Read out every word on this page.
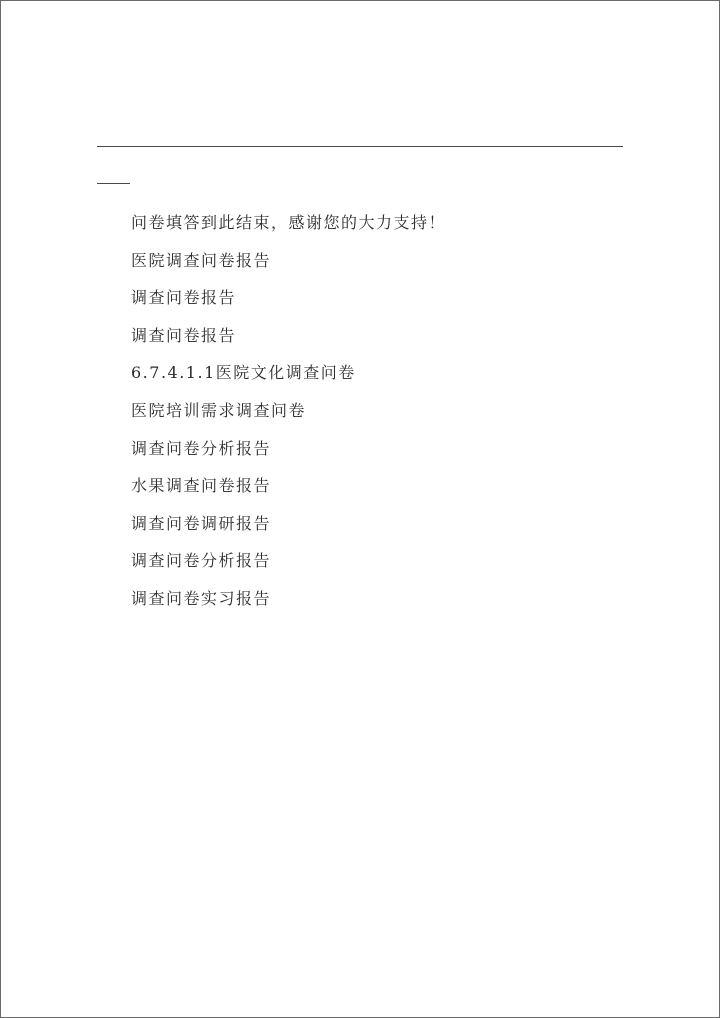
问卷填答到此结束，感谢您的大力支持！
医院调查问卷报告
调查问卷报告
调查问卷报告
6.7.4.1.1医院文化调查问卷
医院培训需求调查问卷
调查问卷分析报告
水果调查问卷报告
调查问卷调研报告
调查问卷分析报告
调查问卷实习报告
